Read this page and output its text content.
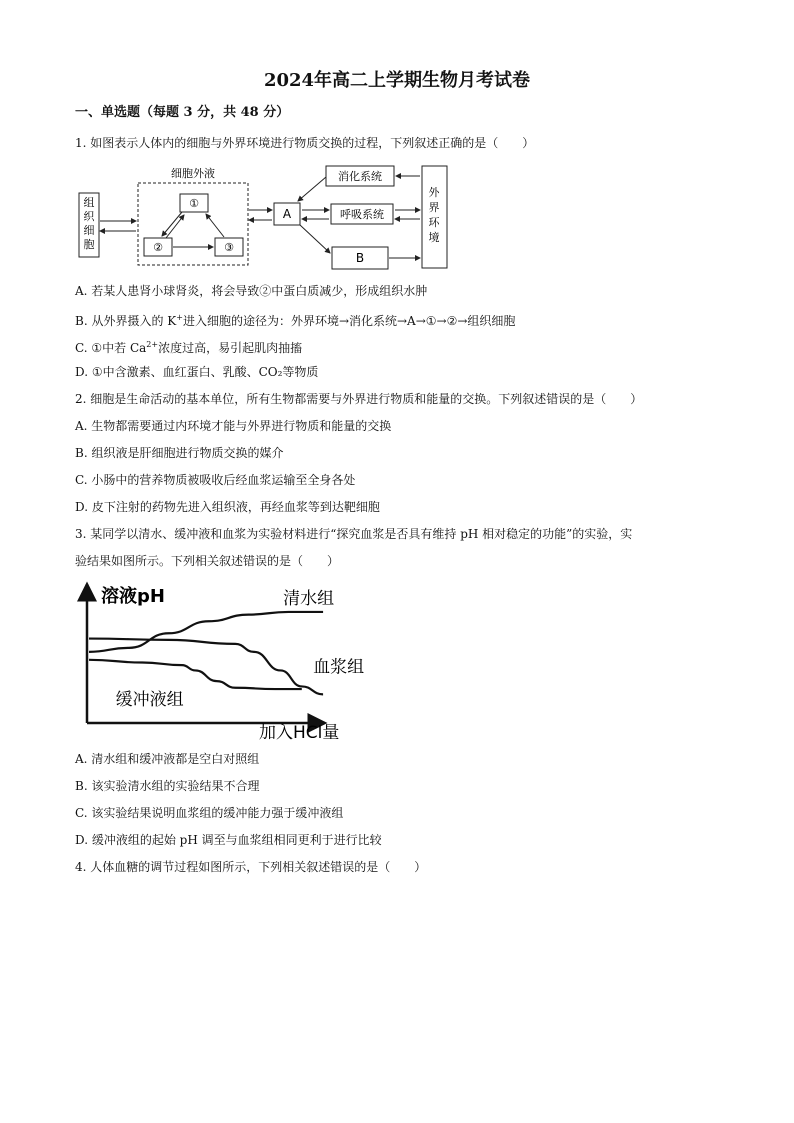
2024年高二上学期生物月考试卷
一、单选题（每题 3 分，共 48 分）
1. 如图表示人体内的细胞与外界环境进行物质交换的过程，下列叙述正确的是（　　）
组
织
细
胞
细胞外液
①
②	③
A
消化系统
呼吸系统
B
外
界
环
境
A. 若某人患肾小球肾炎，将会导致②中蛋白质减少，形成组织水肿
B. 从外界摄入的 K+进入细胞的途径为：外界环境→消化系统→A→①→②→组织细胞
C. ①中若 $Ca^{2+}$浓度过高，易引起肌肉抽搐
D. ①中含激素、血红蛋白、乳酸、CO₂等物质
2. 细胞是生命活动的基本单位，所有生物都需要与外界进行物质和能量的交换。下列叙述错误的是（　　）
A. 生物都需要通过内环境才能与外界进行物质和能量的交换
B. 组织液是肝细胞进行物质交换的媒介
C. 小肠中的营养物质被吸收后经血浆运输至全身各处
D. 皮下注射的药物先进入组织液，再经血浆等到达靶细胞
3. 某同学以清水、缓冲液和血浆为实验材料进行“探究血浆是否具有维持 pH 相对稳定的功能”的实验，实
验结果如图所示。下列相关叙述错误的是（　　）
溶液pH
加入HCl量
清水组
血浆组
缓冲液组
A. 清水组和缓冲液都是空白对照组
B. 该实验清水组的实验结果不合理
C. 该实验结果说明血浆组的缓冲能力强于缓冲液组
D. 缓冲液组的起始 pH 调至与血浆组相同更利于进行比较
4. 人体血糖的调节过程如图所示，下列相关叙述错误的是（　　）
